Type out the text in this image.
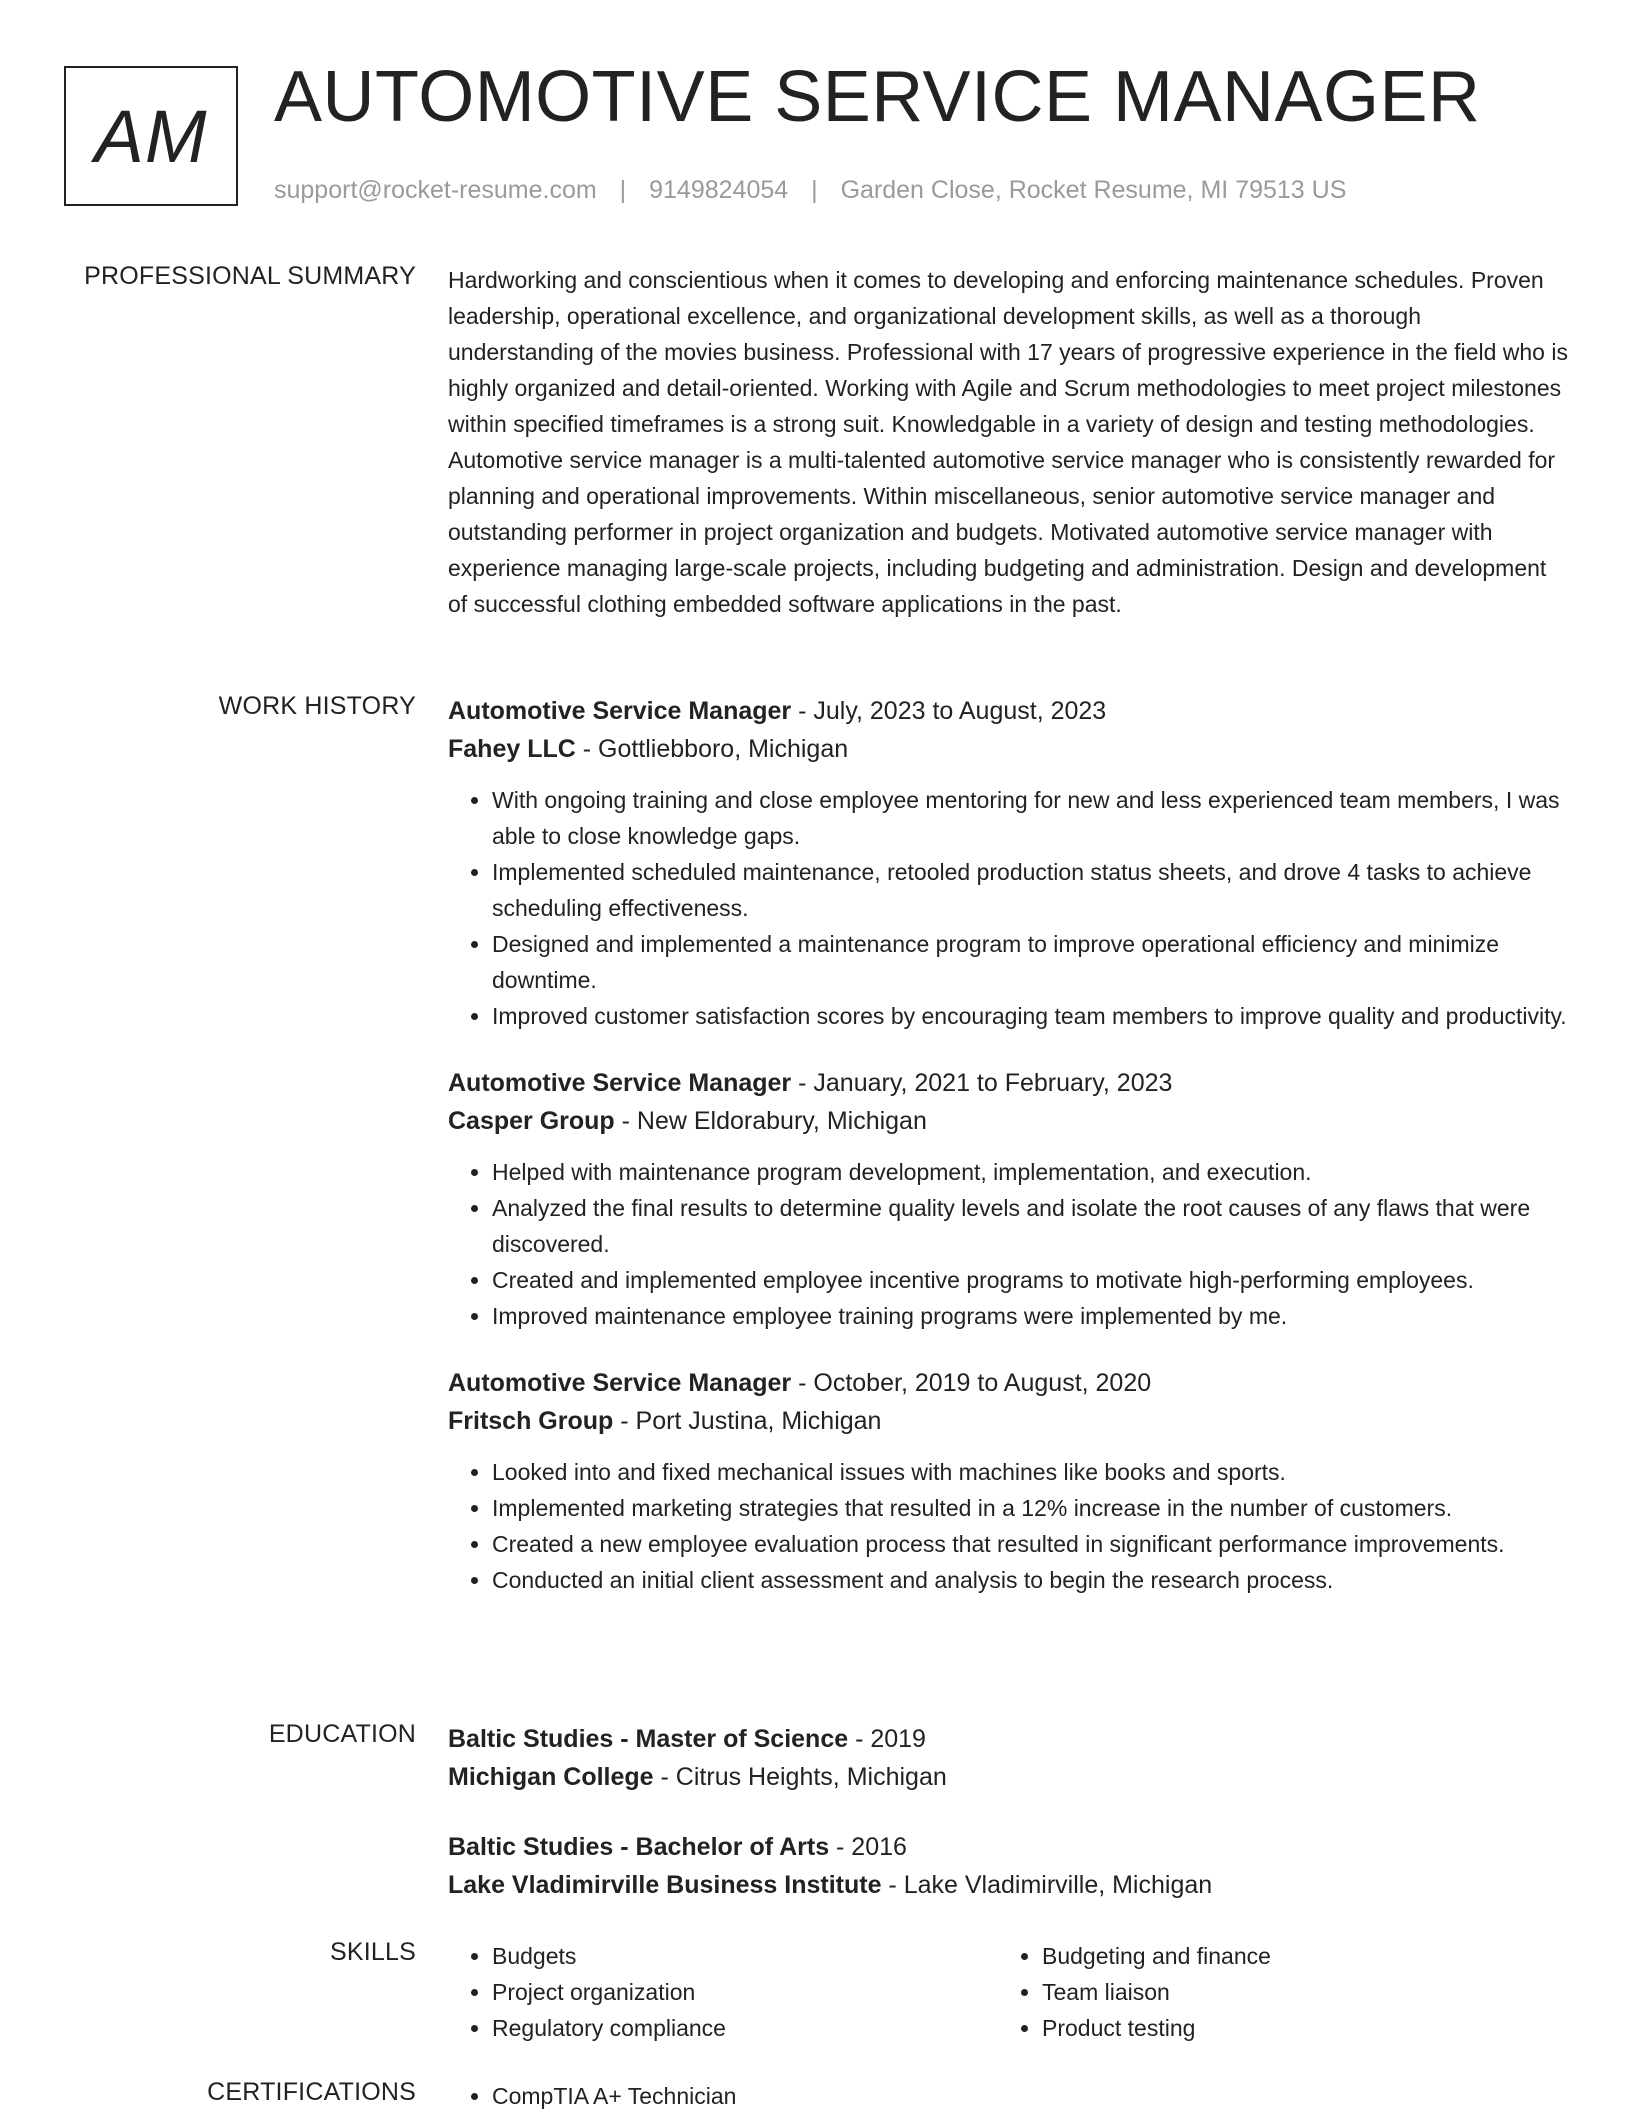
AM AUTOMOTIVE SERVICE MANAGER
support@rocket-resume.com | 9149824054 | Garden Close, Rocket Resume, MI 79513 US
PROFESSIONAL SUMMARY Hardworking and conscientious when it comes to developing and enforcing maintenance schedules. Proven leadership, operational excellence, and organizational development skills, as well as a thorough understanding of the movies business. Professional with 17 years of progressive experience in the field who is highly organized and detail-oriented. Working with Agile and Scrum methodologies to meet project milestones within specified timeframes is a strong suit. Knowledgable in a variety of design and testing methodologies. Automotive service manager is a multi-talented automotive service manager who is consistently rewarded for planning and operational improvements. Within miscellaneous, senior automotive service manager and outstanding performer in project organization and budgets. Motivated automotive service manager with experience managing large-scale projects, including budgeting and administration. Design and development of successful clothing embedded software applications in the past.

WORK HISTORY Automotive Service Manager - July, 2023 to August, 2023

Fahey LLC - Gottliebboro, Michigan

• With ongoing training and close employee mentoring for new and less experienced team members, I was able to close knowledge gaps.
• Implemented scheduled maintenance, retooled production status sheets, and drove 4 tasks to achieve scheduling effectiveness.
• Designed and implemented a maintenance program to improve operational efficiency and minimize downtime.
• Improved customer satisfaction scores by encouraging team members to improve quality and productivity.

Automotive Service Manager - January, 2021 to February, 2023

Casper Group - New Eldorabury, Michigan

• Helped with maintenance program development, implementation, and execution.
• Analyzed the final results to determine quality levels and isolate the root causes of any flaws that were discovered.
• Created and implemented employee incentive programs to motivate high-performing employees.
• Improved maintenance employee training programs were implemented by me.

Automotive Service Manager - October, 2019 to August, 2020

Fritsch Group - Port Justina, Michigan

• Looked into and fixed mechanical issues with machines like books and sports.
• Implemented marketing strategies that resulted in a 12% increase in the number of customers.
• Created a new employee evaluation process that resulted in significant performance improvements.
• Conducted an initial client assessment and analysis to begin the research process.
EDUCATION Baltic Studies - Master of Science - 2019

Michigan College - Citrus Heights, Michigan

Baltic Studies - Bachelor of Arts - 2016

Lake Vladimirville Business Institute - Lake Vladimirville, Michigan

SKILLS	• Budgets
• Project organization
• Regulatory compliance
• Budgeting and finance
• Team liaison
• Product testing
CERTIFICATIONS	• CompTIA A+ Technician
